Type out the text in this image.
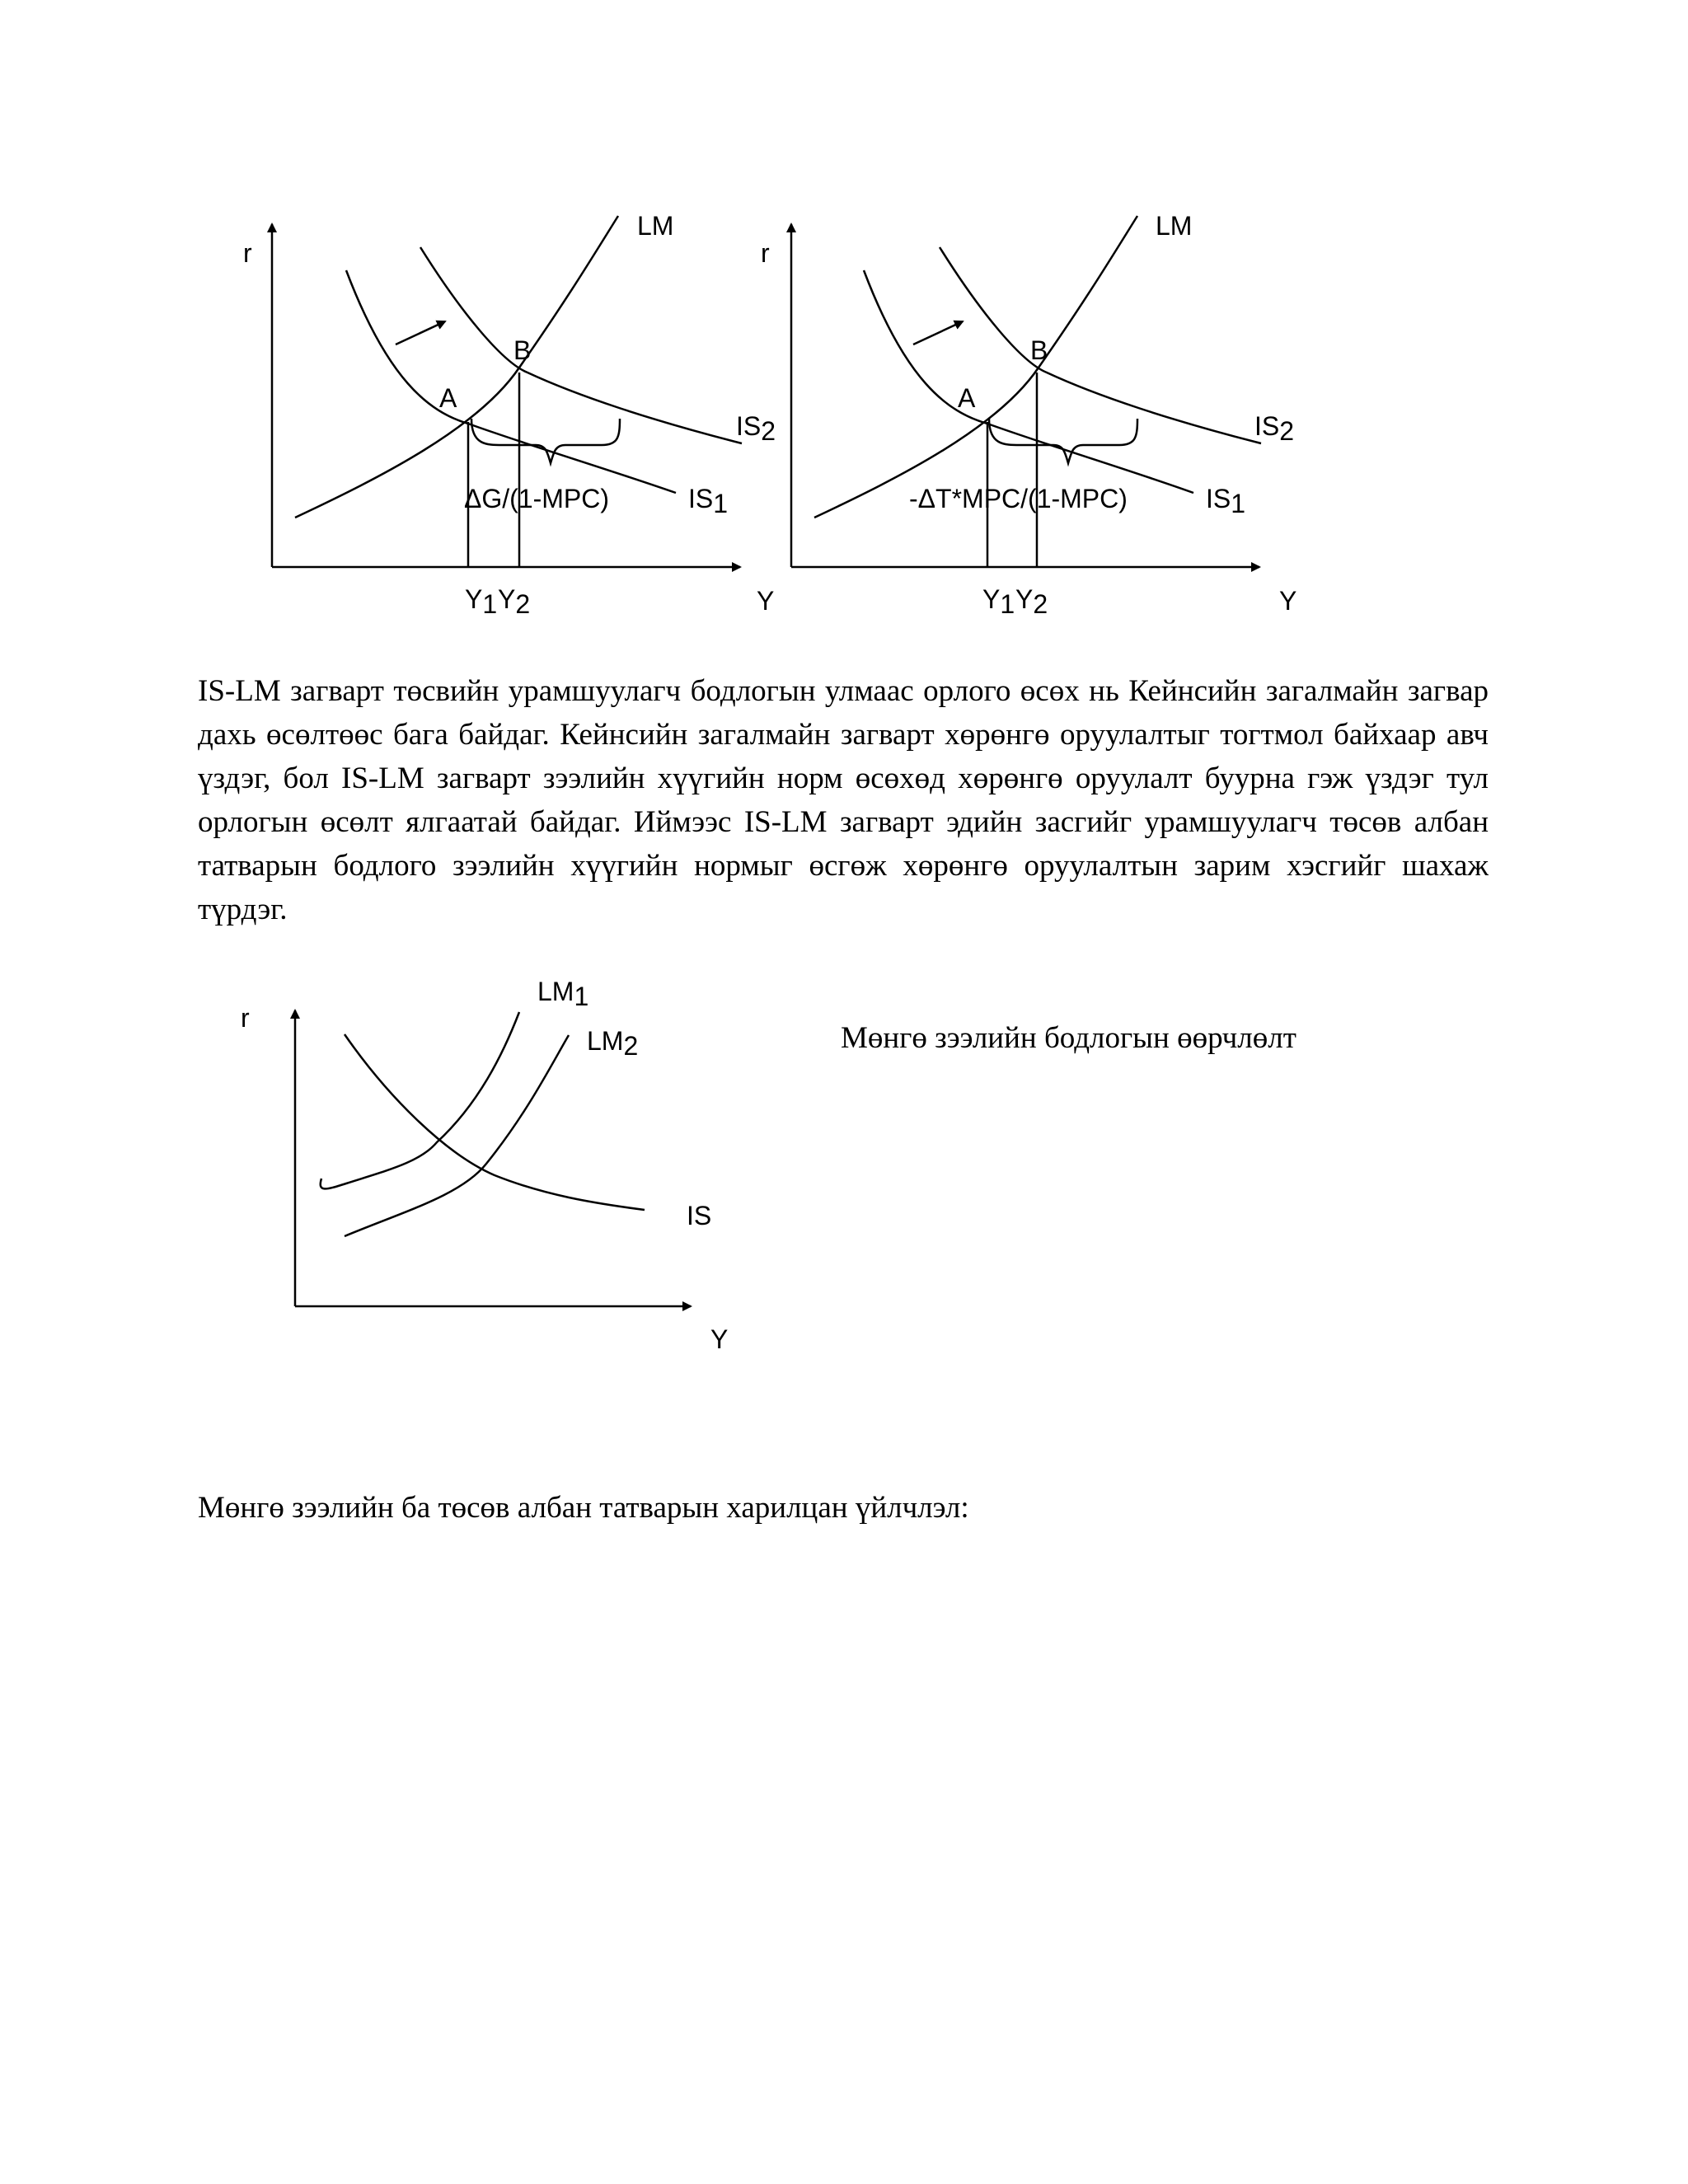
r
Y
LM
IS2
IS1
A
B
ΔG/(1-MPC)
Y1 Y2
r
Y
LM
IS2
IS1
A
B
-ΔT*MPC/(1-MPC)
Y1 Y2
r
Y
LM1
LM2
IS

IS-LM загварт төсвийн урамшуулагч бодлогын улмаас орлого өсөх нь Кейнсийн загалмайн загвар дахь өсөлтөөс бага байдаг. Кейнсийн загалмайн загварт хөрөнгө оруулалтыг тогтмол байхаар авч үздэг, бол IS-LM загварт зээлийн хүүгийн норм өсөхөд хөрөнгө оруулалт буурна гэж үздэг тул орлогын өсөлт ялгаатай байдаг. Иймээс IS-LM загварт эдийн засгийг урамшуулагч төсөв албан татварын бодлого зээлийн хүүгийн нормыг өсгөж хөрөнгө оруулалтын зарим хэсгийг шахаж түрдэг.

Мөнгө зээлийн бодлогын өөрчлөлт

Мөнгө зээлийн ба төсөв албан татварын харилцан үйлчлэл:
